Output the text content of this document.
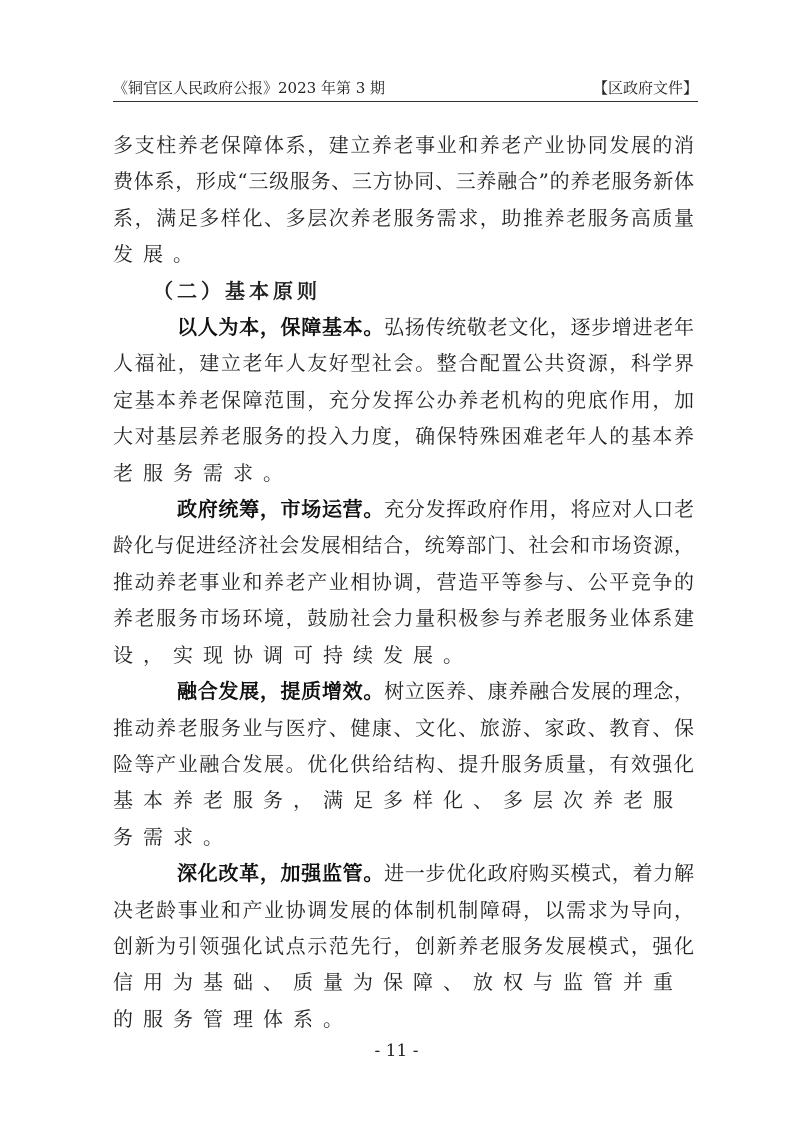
《铜官区人民政府公报》2023 年第 3 期	【区政府文件】
多支柱养老保障体系，建立养老事业和养老产业协同发展的消
费体系，形成“三级服务、三方协同、三养融合”的养老服务新体
系，满足多样化、多层次养老服务需求，助推养老服务高质量
发展。
（二）基本原则
以人为本，保障基本。弘扬传统敬老文化，逐步增进老年
人福祉，建立老年人友好型社会。整合配置公共资源，科学界
定基本养老保障范围，充分发挥公办养老机构的兜底作用，加
大对基层养老服务的投入力度，确保特殊困难老年人的基本养
老服务需求。
政府统筹，市场运营。充分发挥政府作用，将应对人口老
龄化与促进经济社会发展相结合，统筹部门、社会和市场资源，
推动养老事业和养老产业相协调，营造平等参与、公平竞争的
养老服务市场环境，鼓励社会力量积极参与养老服务业体系建
设，实现协调可持续发展。
融合发展，提质增效。树立医养、康养融合发展的理念，
推动养老服务业与医疗、健康、文化、旅游、家政、教育、保
险等产业融合发展。优化供给结构、提升服务质量，有效强化
基本养老服务，满足多样化、多层次养老服务需求。
深化改革，加强监管。进一步优化政府购买模式，着力解
决老龄事业和产业协调发展的体制机制障碍，以需求为导向，
创新为引领强化试点示范先行，创新养老服务发展模式，强化
信用为基础、质量为保障、放权与监管并重的服务管理体系。
- 11 -
